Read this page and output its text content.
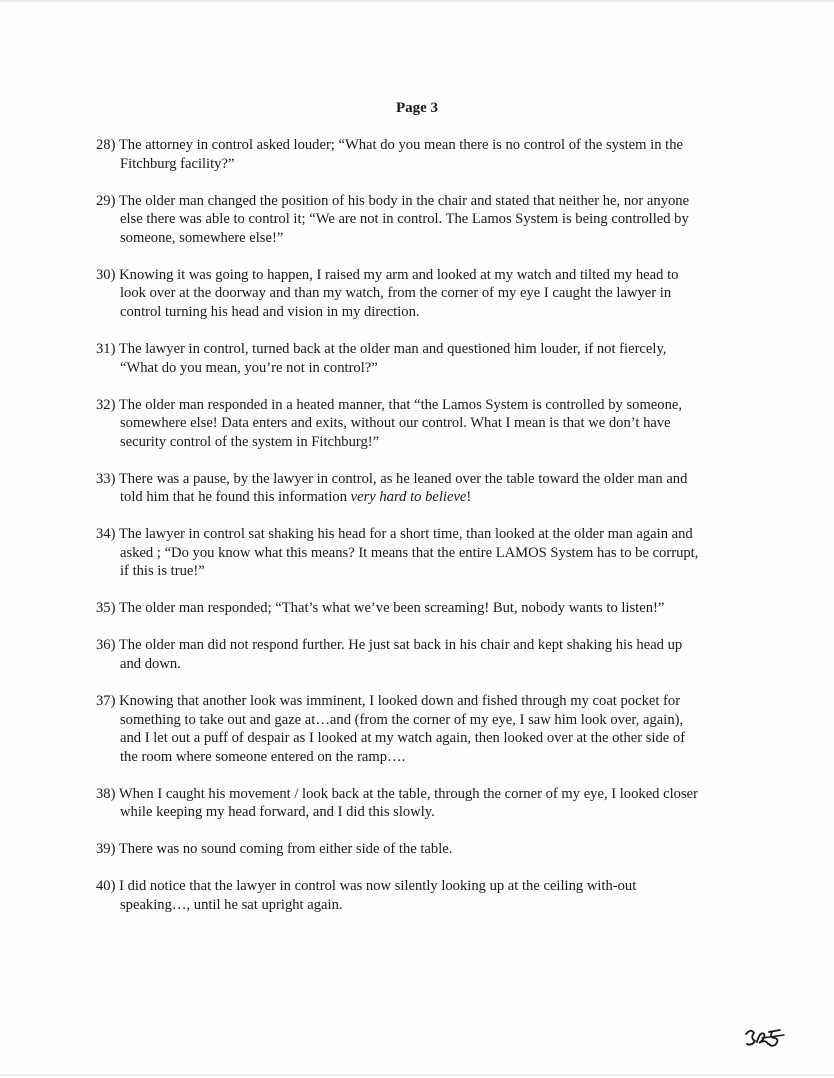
Page 3
28) The attorney in control asked louder; “What do you mean there is no control of the system in the Fitchburg facility?”
29) The older man changed the position of his body in the chair and stated that neither he, nor anyone else there was able to control it; “We are not in control. The Lamos System is being controlled by someone, somewhere else!”
30) Knowing it was going to happen, I raised my arm and looked at my watch and tilted my head to look over at the doorway and than my watch, from the corner of my eye I caught the lawyer in control turning his head and vision in my direction.
31) The lawyer in control, turned back at the older man and questioned him louder, if not fiercely, “What do you mean, you’re not in control?”
32) The older man responded in a heated manner, that “the Lamos System is controlled by someone, somewhere else! Data enters and exits, without our control. What I mean is that we don’t have security control of the system in Fitchburg!”
33) There was a pause, by the lawyer in control, as he leaned over the table toward the older man and told him that he found this information very hard to believe!
34) The lawyer in control sat shaking his head for a short time, than looked at the older man again and asked ; “Do you know what this means? It means that the entire LAMOS System has to be corrupt, if this is true!”
35) The older man responded; “That’s what we’ve been screaming! But, nobody wants to listen!”
36) The older man did not respond further. He just sat back in his chair and kept shaking his head up and down.
37) Knowing that another look was imminent, I looked down and fished through my coat pocket for something to take out and gaze at…and (from the corner of my eye, I saw him look over, again), and I let out a puff of despair as I looked at my watch again, then looked over at the other side of the room where someone entered on the ramp….
38) When I caught his movement / look back at the table, through the corner of my eye, I looked closer while keeping my head forward, and I did this slowly.
39) There was no sound coming from either side of the table.
40) I did notice that the lawyer in control was now silently looking up at the ceiling with-out speaking…, until he sat upright again.
